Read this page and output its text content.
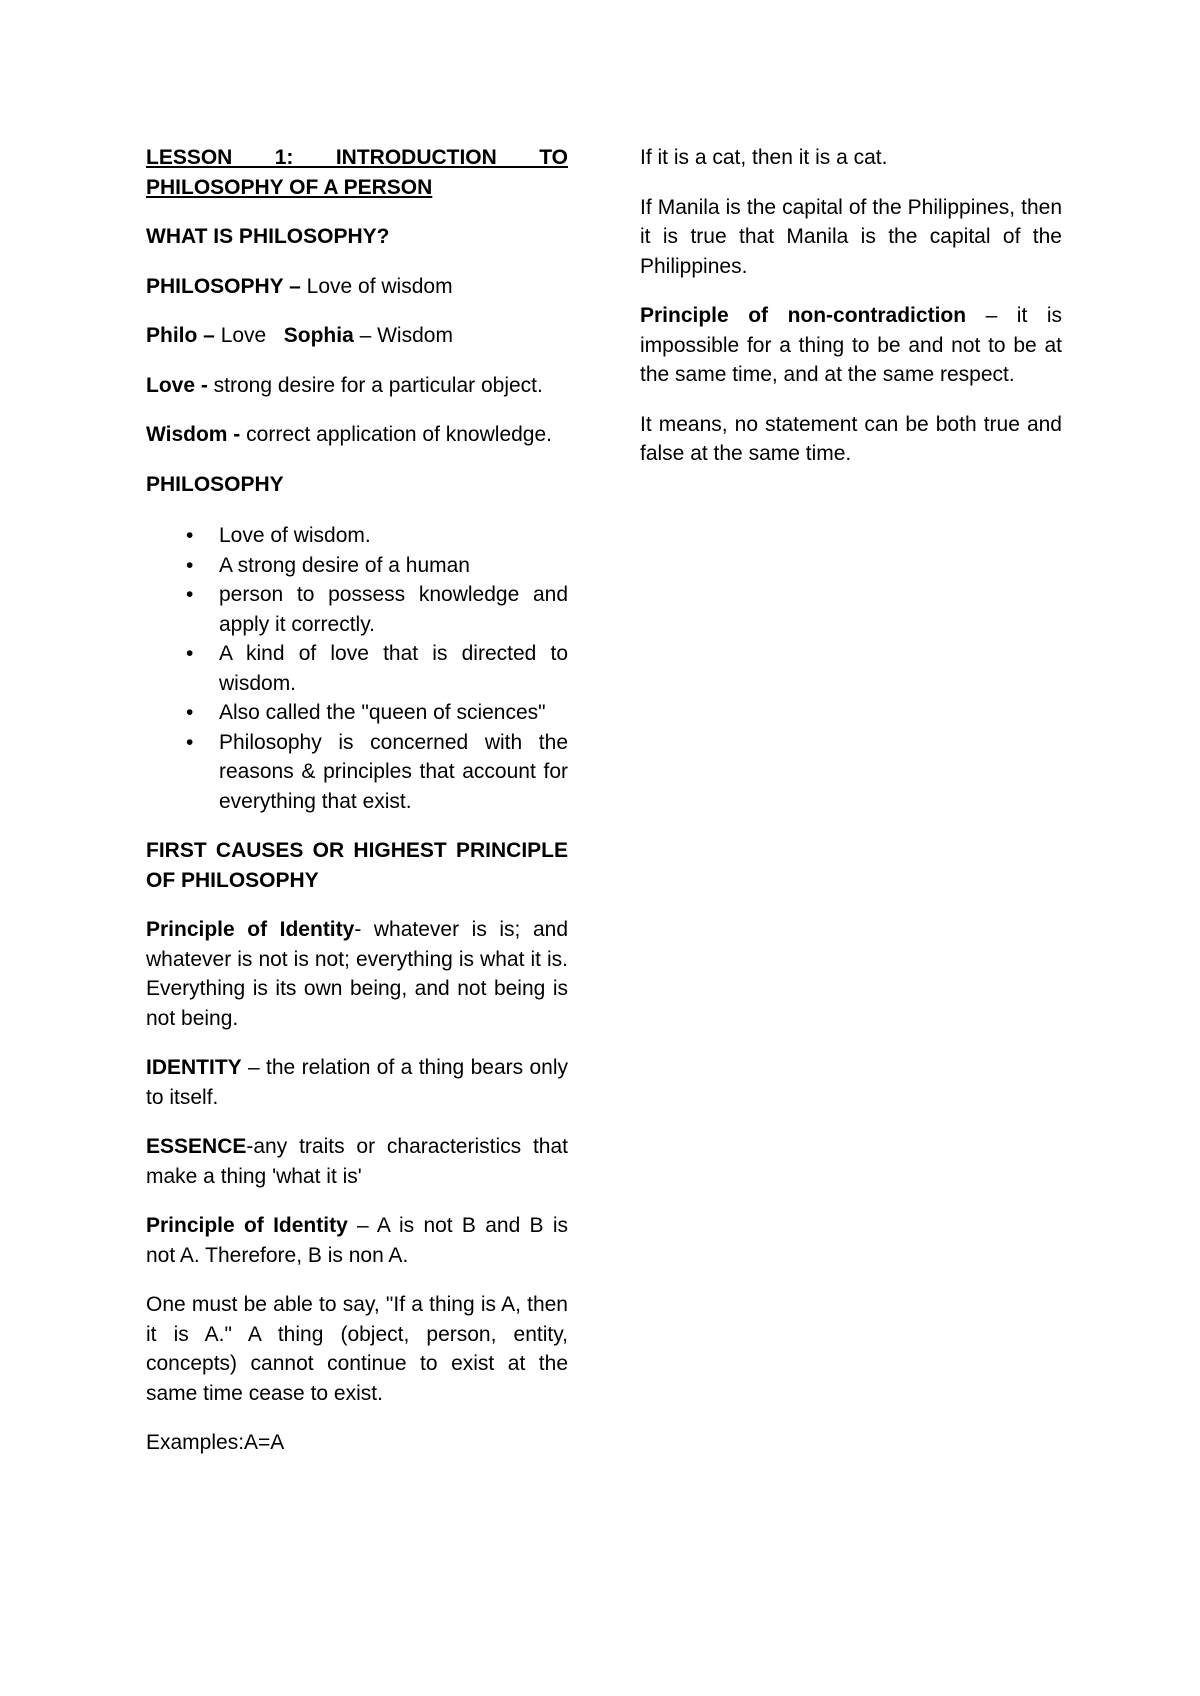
LESSON 1: INTRODUCTION TO PHILOSOPHY OF A PERSON

WHAT IS PHILOSOPHY?

PHILOSOPHY – Love of wisdom

Philo – Love   Sophia – Wisdom

Love - strong desire for a particular object.

Wisdom - correct application of knowledge.

PHILOSOPHY

• Love of wisdom.
• A strong desire of a human
• person to possess knowledge and apply it correctly.
• A kind of love that is directed to wisdom.
• Also called the "queen of sciences"
• Philosophy is concerned with the reasons & principles that account for everything that exist.

FIRST CAUSES OR HIGHEST PRINCIPLE OF PHILOSOPHY

Principle of Identity- whatever is is; and whatever is not is not; everything is what it is. Everything is its own being, and not being is not being.

IDENTITY – the relation of a thing bears only to itself.

ESSENCE-any traits or characteristics that make a thing 'what it is'

Principle of Identity – A is not B and B is not A. Therefore, B is non A.

One must be able to say, "If a thing is A, then it is A." A thing (object, person, entity, concepts) cannot continue to exist at the same time cease to exist.

Examples:A=A

If it is a cat, then it is a cat.

If Manila is the capital of the Philippines, then it is true that Manila is the capital of the Philippines.

Principle of non-contradiction – it is impossible for a thing to be and not to be at the same time, and at the same respect.

It means, no statement can be both true and false at the same time.
